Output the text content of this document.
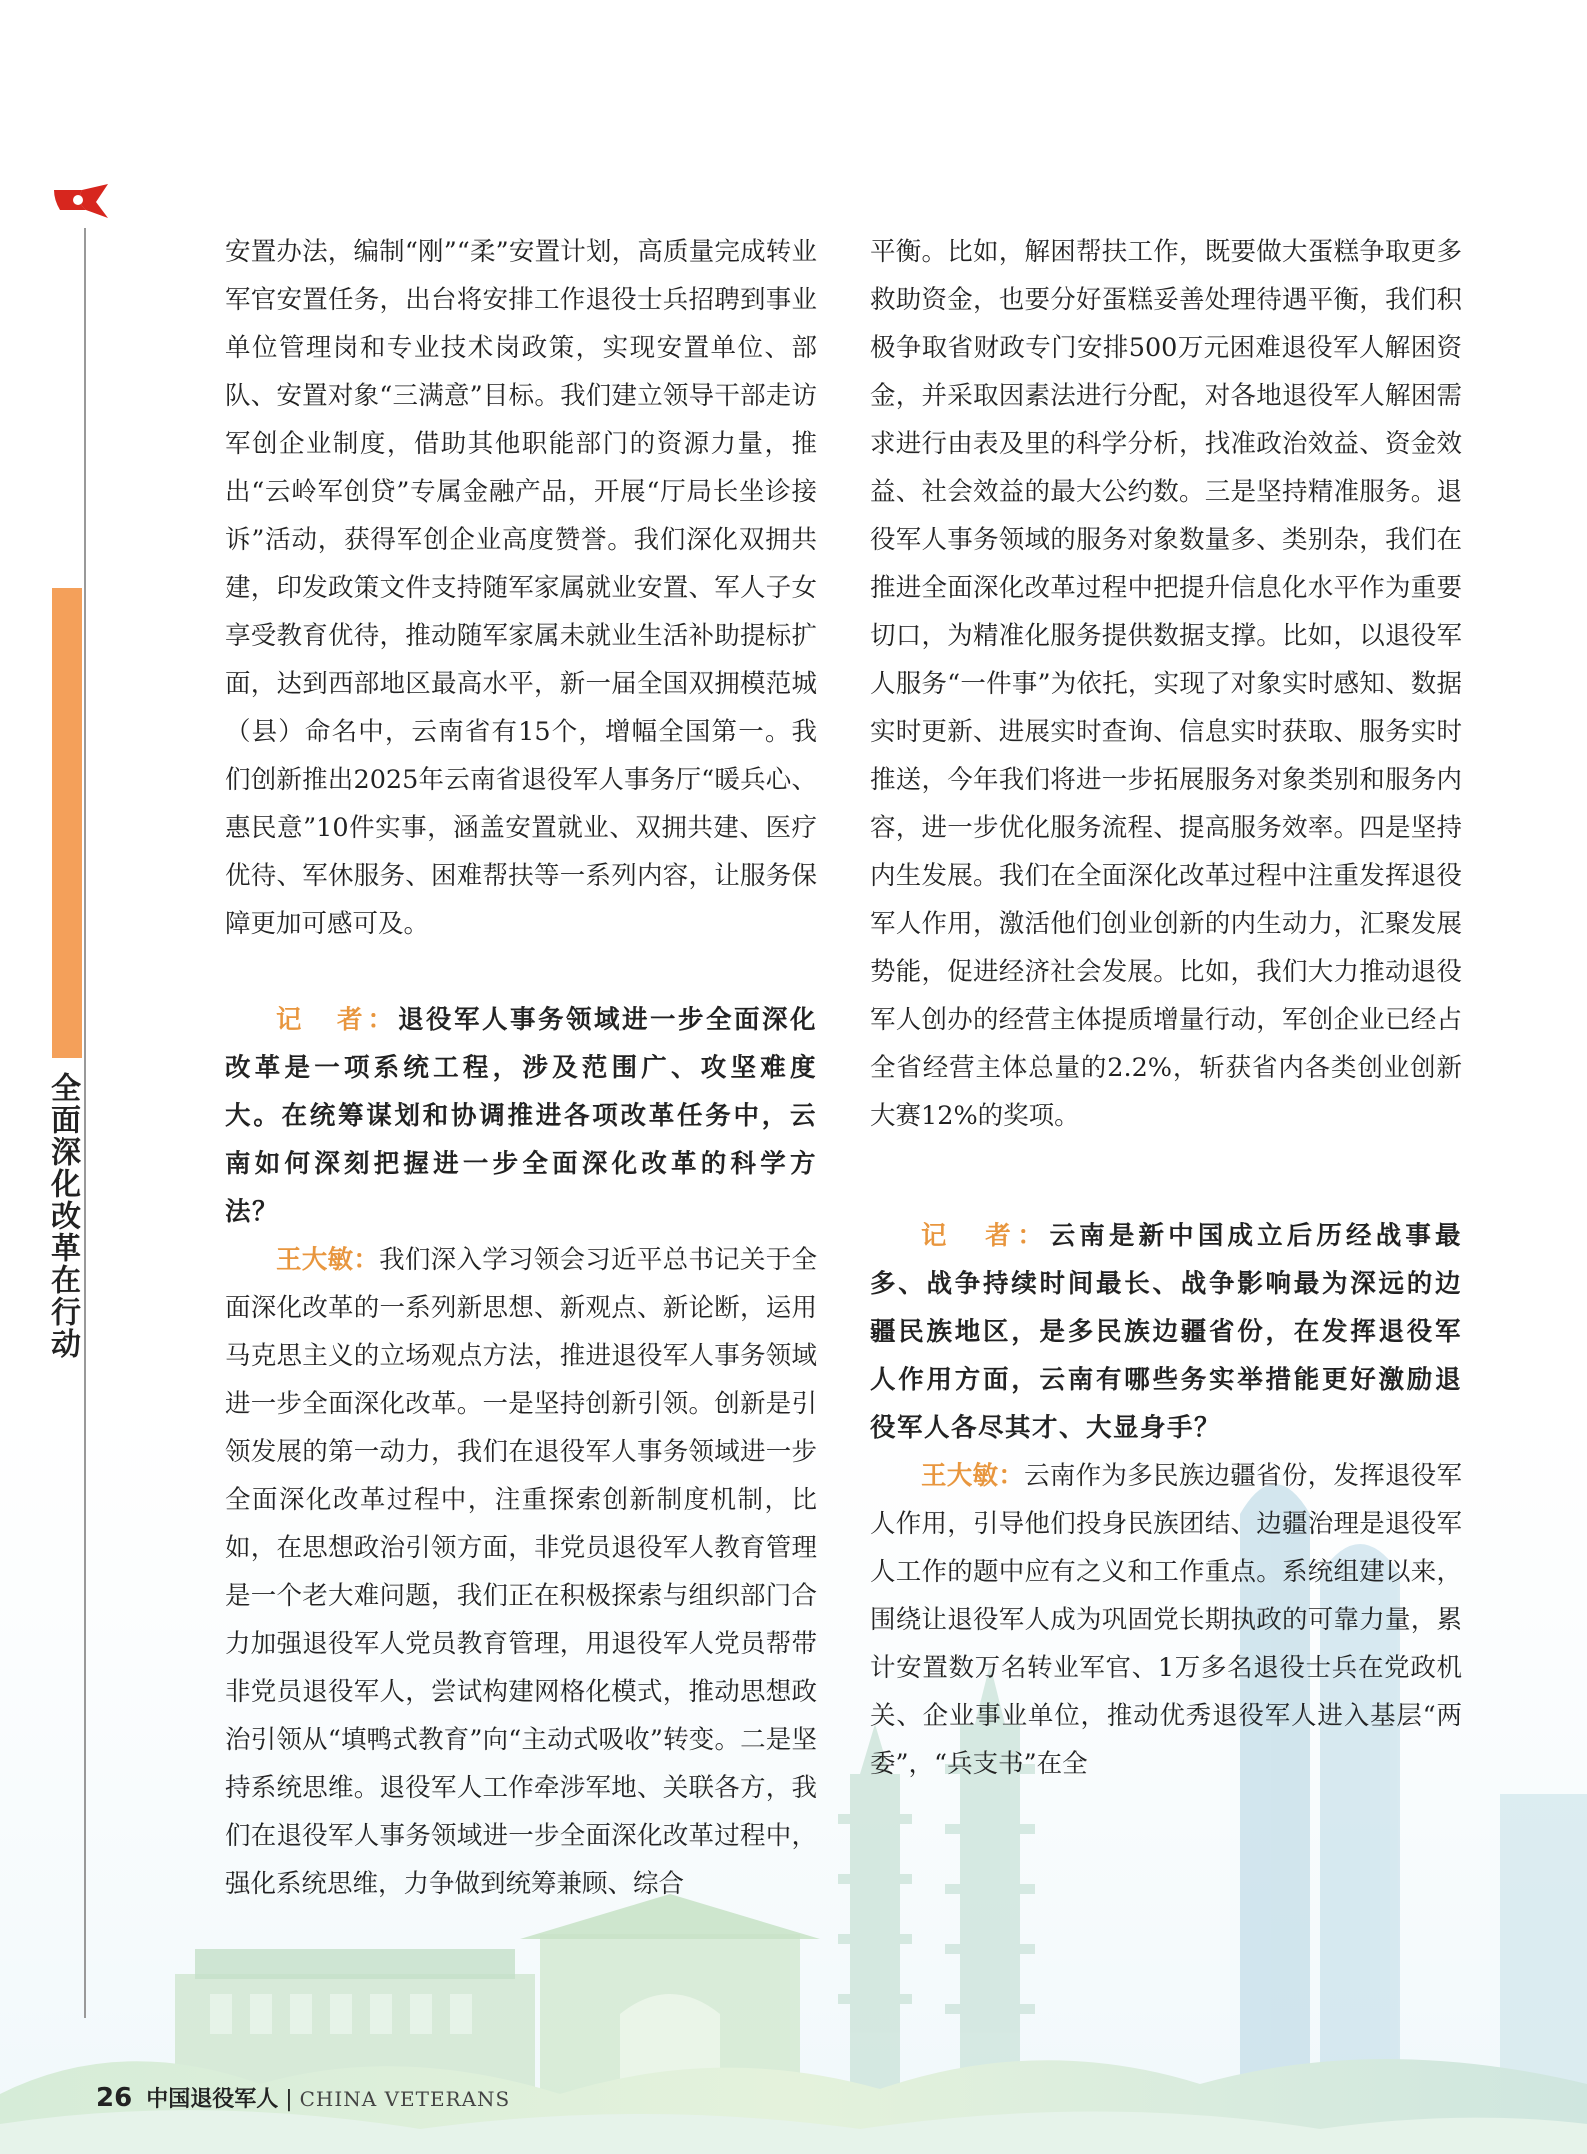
全面深化改革在行动

安置办法，编制“刚”“柔”安置计划，高质量完成转业军官安置任务，出台将安排工作退役士兵招聘到事业单位管理岗和专业技术岗政策，实现安置单位、部队、安置对象“三满意”目标。我们建立领导干部走访军创企业制度，借助其他职能部门的资源力量，推出“云岭军创贷”专属金融产品，开展“厅局长坐诊接诉”活动，获得军创企业高度赞誉。我们深化双拥共建，印发政策文件支持随军家属就业安置、军人子女享受教育优待，推动随军家属未就业生活补助提标扩面，达到西部地区最高水平，新一届全国双拥模范城（县）命名中，云南省有15个，增幅全国第一。我们创新推出2025年云南省退役军人事务厅“暖兵心、惠民意”10件实事，涵盖安置就业、双拥共建、医疗优待、军休服务、困难帮扶等一系列内容，让服务保障更加可感可及。

记　者：退役军人事务领域进一步全面深化改革是一项系统工程，涉及范围广、攻坚难度大。在统筹谋划和协调推进各项改革任务中，云南如何深刻把握进一步全面深化改革的科学方法？

王大敏：我们深入学习领会习近平总书记关于全面深化改革的一系列新思想、新观点、新论断，运用马克思主义的立场观点方法，推进退役军人事务领域进一步全面深化改革。一是坚持创新引领。创新是引领发展的第一动力，我们在退役军人事务领域进一步全面深化改革过程中，注重探索创新制度机制，比如，在思想政治引领方面，非党员退役军人教育管理是一个老大难问题，我们正在积极探索与组织部门合力加强退役军人党员教育管理，用退役军人党员帮带非党员退役军人，尝试构建网格化模式，推动思想政治引领从“填鸭式教育”向“主动式吸收”转变。二是坚持系统思维。退役军人工作牵涉军地、关联各方，我们在退役军人事务领域进一步全面深化改革过程中，强化系统思维，力争做到统筹兼顾、综合

平衡。比如，解困帮扶工作，既要做大蛋糕争取更多救助资金，也要分好蛋糕妥善处理待遇平衡，我们积极争取省财政专门安排500万元困难退役军人解困资金，并采取因素法进行分配，对各地退役军人解困需求进行由表及里的科学分析，找准政治效益、资金效益、社会效益的最大公约数。三是坚持精准服务。退役军人事务领域的服务对象数量多、类别杂，我们在推进全面深化改革过程中把提升信息化水平作为重要切口，为精准化服务提供数据支撑。比如，以退役军人服务“一件事”为依托，实现了对象实时感知、数据实时更新、进展实时查询、信息实时获取、服务实时推送，今年我们将进一步拓展服务对象类别和服务内容，进一步优化服务流程、提高服务效率。四是坚持内生发展。我们在全面深化改革过程中注重发挥退役军人作用，激活他们创业创新的内生动力，汇聚发展势能，促进经济社会发展。比如，我们大力推动退役军人创办的经营主体提质增量行动，军创企业已经占全省经营主体总量的2.2%，斩获省内各类创业创新大赛12%的奖项。

记　者：云南是新中国成立后历经战事最多、战争持续时间最长、战争影响最为深远的边疆民族地区，是多民族边疆省份，在发挥退役军人作用方面，云南有哪些务实举措能更好激励退役军人各尽其才、大显身手？

王大敏：云南作为多民族边疆省份，发挥退役军人作用，引导他们投身民族团结、边疆治理是退役军人工作的题中应有之义和工作重点。系统组建以来，围绕让退役军人成为巩固党长期执政的可靠力量，累计安置数万名转业军官、1万多名退役士兵在党政机关、企业事业单位，推动优秀退役军人进入基层“两委”，“兵支书”在全

26 中国退役军人 | CHINA VETERANS
